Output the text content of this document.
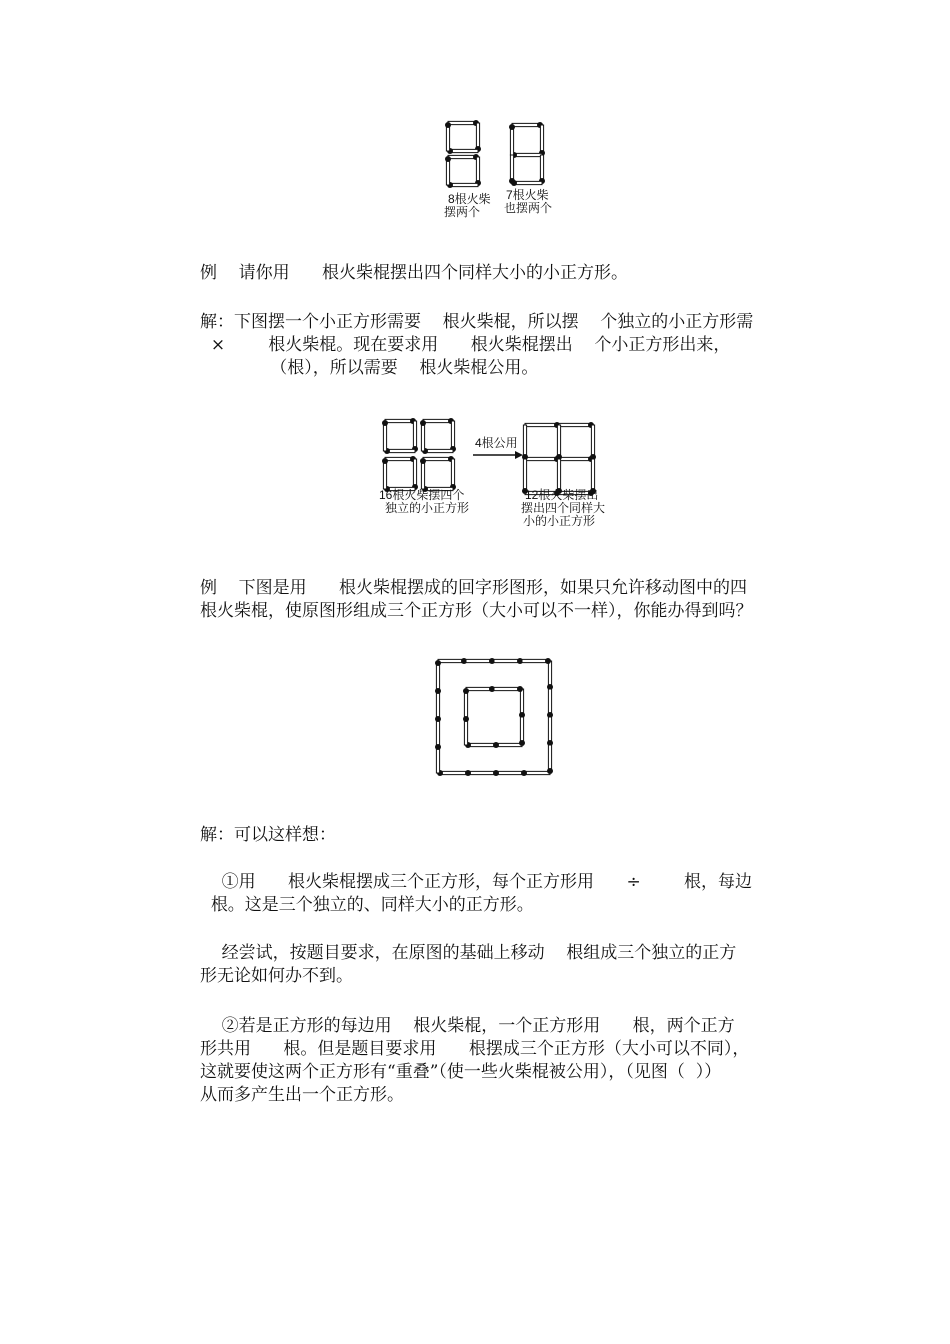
8根火柴
摆两个
7根火柴
也摆两个

例    请你用      根火柴棍摆出四个同样大小的小正方形。

解：下图摆一个小正方形需要    根火柴棍，所以摆    个独立的小正方形需
×        根火柴棍。现在要求用      根火柴棍摆出    个小正方形出来，
（根），所以需要    根火柴棍公用。

4根公用
16根火柴摆四个
独立的小正方形
12根火柴摆出
摆出四个同样大
小的小正方形

例    下图是用      根火柴棍摆成的回字形图形，如果只允许移动图中的四
根火柴棍，使原图形组成三个正方形（大小可以不一样），你能办得到吗？

解：可以这样想：

①用      根火柴棍摆成三个正方形，每个正方形用      ÷        根，每边
根。这是三个独立的、同样大小的正方形。

经尝试，按题目要求，在原图的基础上移动    根组成三个独立的正方
形无论如何办不到。

②若是正方形的每边用    根火柴棍，一个正方形用      根，两个正方
形共用      根。但是题目要求用      根摆成三个正方形（大小可以不同），
这就要使这两个正方形有“重叠”（使一些火柴棍被公用），（见图（  ））
从而多产生出一个正方形。
